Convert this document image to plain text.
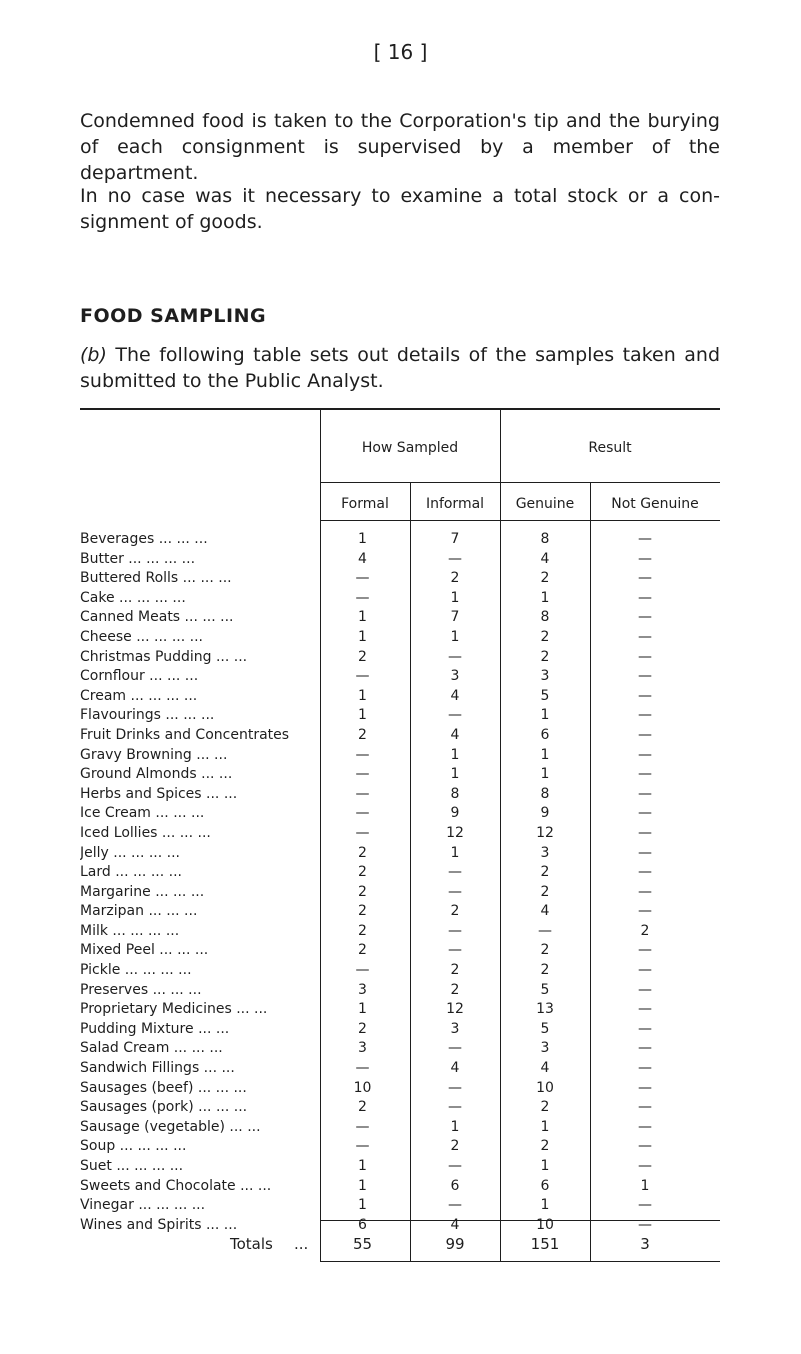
[ 16 ]
Condemned food is taken to the Corporation's tip and the burying of each consignment is supervised by a member of the department.
In no case was it necessary to examine a total stock or a con-signment of goods.
FOOD SAMPLING
(b) The following table sets out details of the samples taken and submitted to the Public Analyst.
How Sampled	Result
Formal	Informal	Genuine	Not Genuine
Beverages ... ... ...	1	7	8	—
Butter ... ... ... ...	4	—	4	—
Buttered Rolls ... ... ...	—	2	2	—
Cake ... ... ... ...	—	1	1	—
Canned Meats ... ... ...	1	7	8	—
Cheese ... ... ... ...	1	1	2	—
Christmas Pudding ... ...	2	—	2	—
Cornflour ... ... ...	—	3	3	—
Cream ... ... ... ...	1	4	5	—
Flavourings ... ... ...	1	—	1	—
Fruit Drinks and Concentrates	2	4	6	—
Gravy Browning ... ...	—	1	1	—
Ground Almonds ... ...	—	1	1	—
Herbs and Spices ... ...	—	8	8	—
Ice Cream ... ... ...	—	9	9	—
Iced Lollies ... ... ...	—	12	12	—
Jelly ... ... ... ...	2	1	3	—
Lard ... ... ... ...	2	—	2	—
Margarine ... ... ...	2	—	2	—
Marzipan ... ... ...	2	2	4	—
Milk ... ... ... ...	2	—	—	2
Mixed Peel ... ... ...	2	—	2	—
Pickle ... ... ... ...	—	2	2	—
Preserves ... ... ...	3	2	5	—
Proprietary Medicines ... ...	1	12	13	—
Pudding Mixture ... ...	2	3	5	—
Salad Cream ... ... ...	3	—	3	—
Sandwich Fillings ... ...	—	4	4	—
Sausages (beef) ... ... ...	10	—	10	—
Sausages (pork) ... ... ...	2	—	2	—
Sausage (vegetable) ... ...	—	1	1	—
Soup ... ... ... ...	—	2	2	—
Suet ... ... ... ...	1	—	1	—
Sweets and Chocolate ... ...	1	6	6	1
Vinegar ... ... ... ...	1	—	1	—
Wines and Spirits ... ...	6	4	10	—
Totals ...	55	99	151	3
